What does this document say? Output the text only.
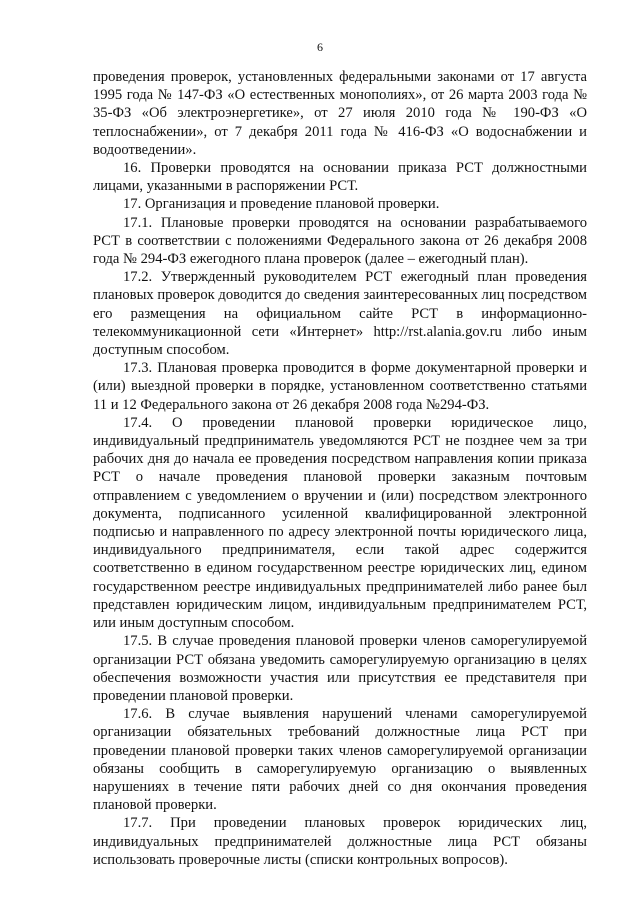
6

проведения проверок, установленных федеральными законами от 17 августа 1995 года № 147-ФЗ «О естественных монополиях», от 26 марта 2003 года № 35-ФЗ «Об электроэнергетике», от 27 июля 2010 года № 190-ФЗ «О теплоснабжении», от 7 декабря 2011 года № 416-ФЗ «О водоснабжении и водоотведении».

16. Проверки проводятся на основании приказа РСТ должностными лицами, указанными в распоряжении РСТ.

17. Организация и проведение плановой проверки.

17.1. Плановые проверки проводятся на основании разрабатываемого РСТ в соответствии с положениями Федерального закона от 26 декабря 2008 года № 294-ФЗ ежегодного плана проверок (далее – ежегодный план).

17.2. Утвержденный руководителем РСТ ежегодный план проведения плановых проверок доводится до сведения заинтересованных лиц посредством его размещения на официальном сайте РСТ в информационно-телекоммуникационной сети «Интернет» http://rst.alania.gov.ru либо иным доступным способом.

17.3. Плановая проверка проводится в форме документарной проверки и (или) выездной проверки в порядке, установленном соответственно статьями 11 и 12 Федерального закона от 26 декабря 2008 года №294-ФЗ.

17.4. О проведении плановой проверки юридическое лицо, индивидуальный предприниматель уведомляются РСТ не позднее чем за три рабочих дня до начала ее проведения посредством направления копии приказа РСТ о начале проведения плановой проверки заказным почтовым отправлением с уведомлением о вручении и (или) посредством электронного документа, подписанного усиленной квалифицированной электронной подписью и направленного по адресу электронной почты юридического лица, индивидуального предпринимателя, если такой адрес содержится соответственно в едином государственном реестре юридических лиц, едином государственном реестре индивидуальных предпринимателей либо ранее был представлен юридическим лицом, индивидуальным предпринимателем РСТ, или иным доступным способом.

17.5. В случае проведения плановой проверки членов саморегулируемой организации РСТ обязана уведомить саморегулируемую организацию в целях обеспечения возможности участия или присутствия ее представителя при проведении плановой проверки.

17.6. В случае выявления нарушений членами саморегулируемой организации обязательных требований должностные лица РСТ при проведении плановой проверки таких членов саморегулируемой организации обязаны сообщить в саморегулируемую организацию о выявленных нарушениях в течение пяти рабочих дней со дня окончания проведения плановой проверки.

17.7. При проведении плановых проверок юридических лиц, индивидуальных предпринимателей должностные лица РСТ обязаны использовать проверочные листы (списки контрольных вопросов).
